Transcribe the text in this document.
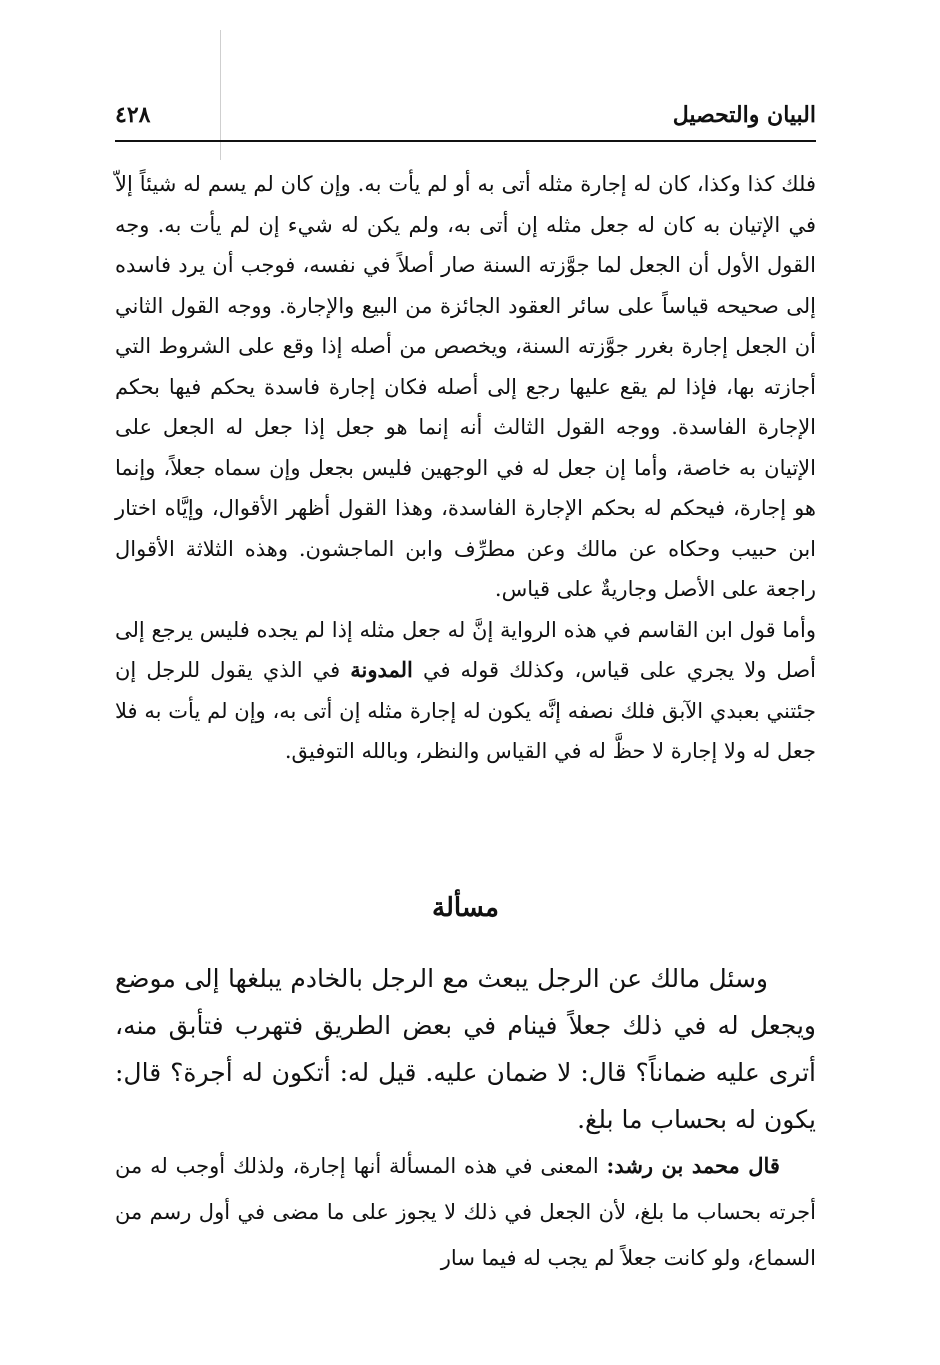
البيان والتحصيل
٤٢٨

فلك كذا وكذا، كان له إجارة مثله أتى به أو لم يأت به. وإن كان لم يسم له شيئاً إلاّ في الإتيان به كان له جعل مثله إن أتى به، ولم يكن له شيء إن لم يأت به. وجه القول الأول أن الجعل لما جوَّزته السنة صار أصلاً في نفسه، فوجب أن يرد فاسده إلى صحيحه قياساً على سائر العقود الجائزة من البيع والإجارة. ووجه القول الثاني أن الجعل إجارة بغرر جوَّزته السنة، ويخصص من أصله إذا وقع على الشروط التي أجازته بها، فإذا لم يقع عليها رجع إلى أصله فكان إجارة فاسدة يحكم فيها بحكم الإجارة الفاسدة. ووجه القول الثالث أنه إنما هو جعل إذا جعل له الجعل على الإتيان به خاصة، وأما إن جعل له في الوجهين فليس بجعل وإن سماه جعلاً، وإنما هو إجارة، فيحكم له بحكم الإجارة الفاسدة، وهذا القول أظهر الأقوال، وإيَّاه اختار ابن حبيب وحكاه عن مالك وعن مطرِّف وابن الماجشون. وهذه الثلاثة الأقوال راجعة على الأصل وجاريةٌ على قياس.

وأما قول ابن القاسم في هذه الرواية إنَّ له جعل مثله إذا لم يجده فليس يرجع إلى أصل ولا يجري على قياس، وكذلك قوله في المدونة في الذي يقول للرجل إن جئتني بعبدي الآبق فلك نصفه إنَّه يكون له إجارة مثله إن أتى به، وإن لم يأت به فلا جعل له ولا إجارة لا حظَّ له في القياس والنظر، وبالله التوفيق.

مسألة

وسئل مالك عن الرجل يبعث مع الرجل بالخادم يبلغها إلى موضع ويجعل له في ذلك جعلاً فينام في بعض الطريق فتهرب فتأبق منه، أترى عليه ضماناً؟ قال: لا ضمان عليه. قيل له: أتكون له أجرة؟ قال: يكون له بحساب ما بلغ.

قال محمد بن رشد: المعنى في هذه المسألة أنها إجارة، ولذلك أوجب له من أجرته بحساب ما بلغ، لأن الجعل في ذلك لا يجوز على ما مضى في أول رسم من السماع، ولو كانت جعلاً لم يجب له فيما سار
